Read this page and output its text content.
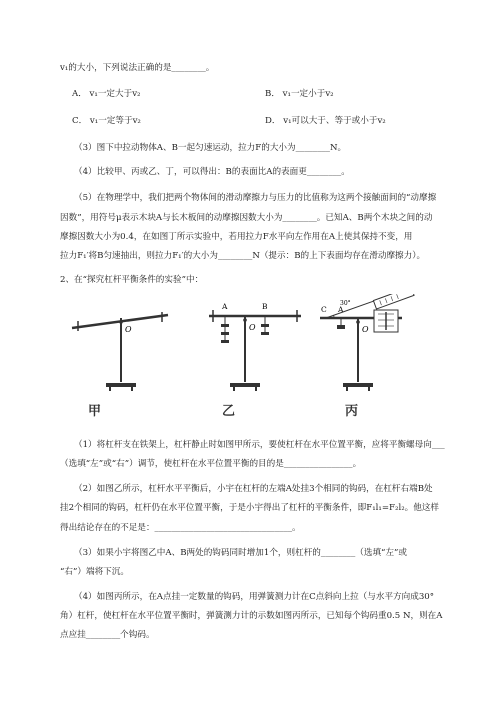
v₁的大小，下列说法正确的是________。
A． v₁一定大于v₂	B． v₁一定小于v₂
C． v₁一定等于v₂	D． v₁可以大于、等于或小于v₂
（3）图下中拉动物体A、B一起匀速运动，拉力F的大小为________N。
（4）比较甲、丙或乙、丁，可以得出：B的表面比A的表面更________。
（5）在物理学中，我们把两个物体间的滑动摩擦力与压力的比值称为这两个接触面间的“动摩擦
因数”，用符号μ表示木块A与长木板间的动摩擦因数大小为________。已知A、B两个木块之间的动
摩擦因数大小为0.4，在如图丁所示实验中，若用拉力F水平向左作用在A上使其保持不变，用
拉力F₁′将B匀速抽出，则拉力F₁′的大小为________N（提示：B的上下表面均存在滑动摩擦力）。
2、在“探究杠杆平衡条件的实验”中：
O
A	B
O
C A
30°
O
甲	乙	丙
（1）将杠杆支在铁架上，杠杆静止时如图甲所示，要使杠杆在水平位置平衡，应将平衡螺母向___
（选填“左”或“右”）调节，使杠杆在水平位置平衡的目的是________________。
（2）如图乙所示，杠杆水平平衡后，小宇在杠杆的左端A处挂3个相同的钩码，在杠杆右端B处
挂2个相同的钩码，杠杆仍在水平位置平衡，于是小宇得出了杠杆的平衡条件，即F₁l₁=F₂l₂。他这样
得出结论存在的不足是：________________________________。
（3）如果小宇将图乙中A、B两处的钩码同时增加1个，则杠杆的________（选填“左”或
“右”）端将下沉。
（4）如图丙所示，在A点挂一定数量的钩码，用弹簧测力计在C点斜向上拉（与水平方向成30°
角）杠杆，使杠杆在水平位置平衡时，弹簧测力计的示数如图丙所示，已知每个钩码重0.5 N，则在A
点应挂________个钩码。
